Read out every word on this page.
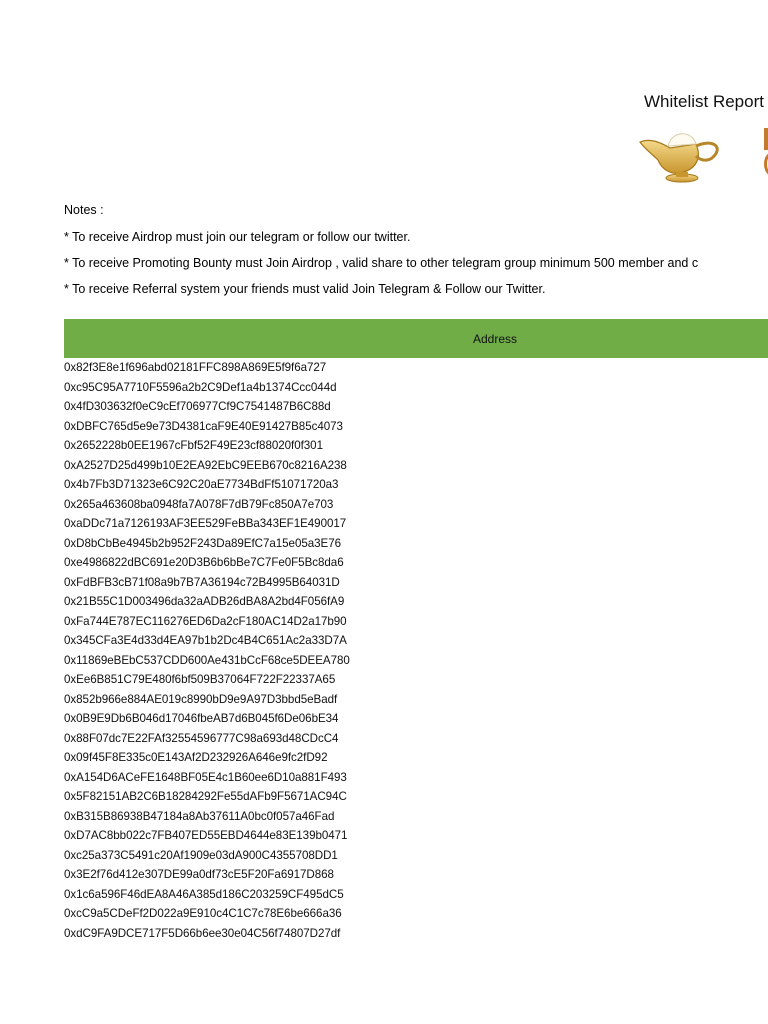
Whitelist Report
Notes :
* To receive Airdrop must join our telegram or follow our twitter.
* To receive Promoting Bounty must Join Airdrop , valid share to other telegram group minimum 500 member and c
* To receive Referral system your friends must valid Join Telegram & Follow our Twitter.
Address
0x82f3E8e1f696abd02181FFC898A869E5f9f6a727
0xc95C95A7710F5596a2b2C9Def1a4b1374Ccc044d
0x4fD303632f0eC9cEf706977Cf9C7541487B6C88d
0xDBFC765d5e9e73D4381caF9E40E91427B85c4073
0x2652228b0EE1967cFbf52F49E23cf88020f0f301
0xA2527D25d499b10E2EA92EbC9EEB670c8216A238
0x4b7Fb3D71323e6C92C20aE7734BdFf51071720a3
0x265a463608ba0948fa7A078F7dB79Fc850A7e703
0xaDDc71a7126193AF3EE529FeBBa343EF1E490017
0xD8bCbBe4945b2b952F243Da89EfC7a15e05a3E76
0xe4986822dBC691e20D3B6b6bBe7C7Fe0F5Bc8da6
0xFdBFB3cB71f08a9b7B7A36194c72B4995B64031D
0x21B55C1D003496da32aADB26dBA8A2bd4F056fA9
0xFa744E787EC116276ED6Da2cF180AC14D2a17b90
0x345CFa3E4d33d4EA97b1b2Dc4B4C651Ac2a33D7A
0x11869eBEbC537CDD600Ae431bCcF68ce5DEEA780
0xEe6B851C79E480f6bf509B37064F722F22337A65
0x852b966e884AE019c8990bD9e9A97D3bbd5eBadf
0x0B9E9Db6B046d17046fbeAB7d6B045f6De06bE34
0x88F07dc7E22FAf32554596777C98a693d48CDcC4
0x09f45F8E335c0E143Af2D232926A646e9fc2fD92
0xA154D6ACeFE1648BF05E4c1B60ee6D10a881F493
0x5F82151AB2C6B18284292Fe55dAFb9F5671AC94C
0xB315B86938B47184a8Ab37611A0bc0f057a46Fad
0xD7AC8bb022c7FB407ED55EBD4644e83E139b0471
0xc25a373C5491c20Af1909e03dA900C4355708DD1
0x3E2f76d412e307DE99a0df73cE5F20Fa6917D868
0x1c6a596F46dEA8A46A385d186C203259CF495dC5
0xcC9a5CDeFf2D022a9E910c4C1C7c78E6be666a36
0xdC9FA9DCE717F5D66b6ee30e04C56f74807D27df
